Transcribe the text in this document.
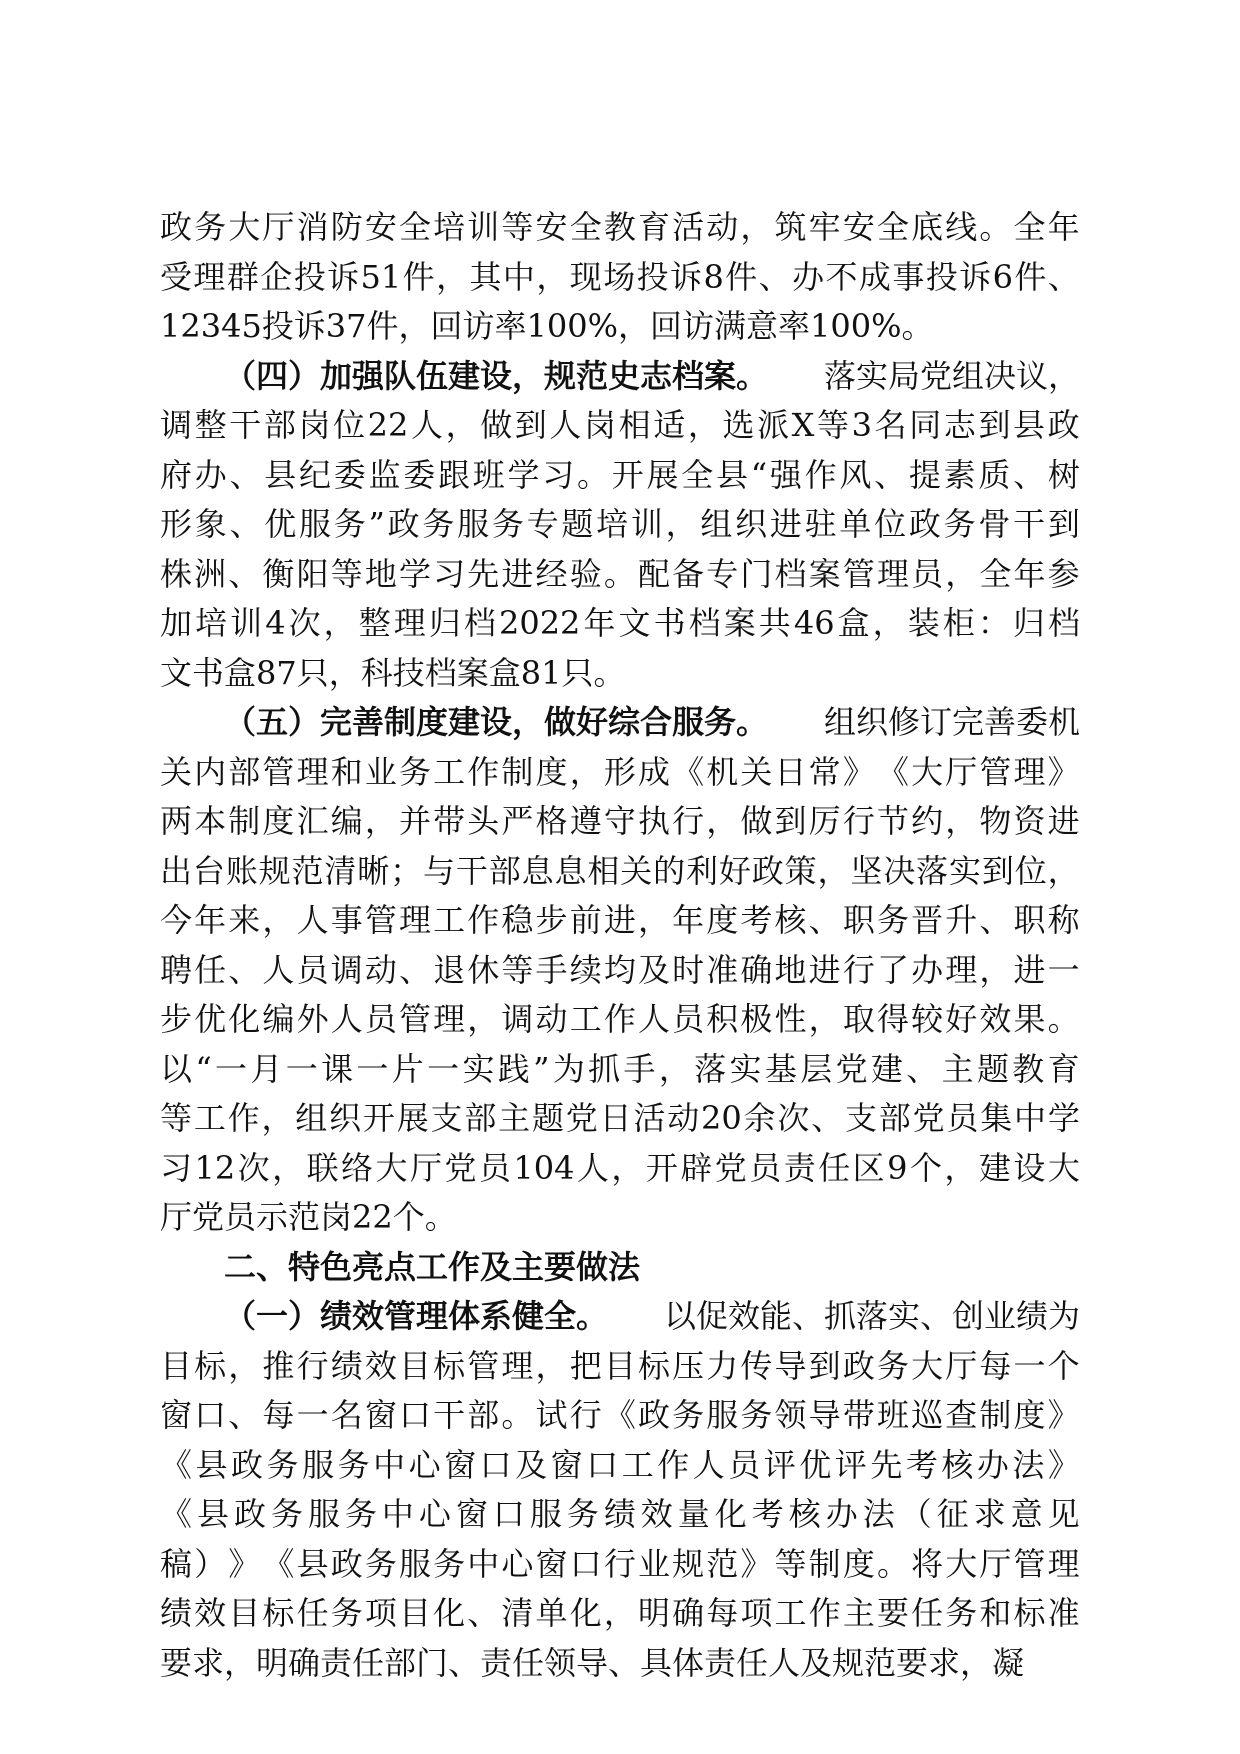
政 务 大 厅 消 防 安 全 培 训 等 安 全 教 育 活 动 ， 筑 牢 安 全 底 线 。 全 年
受 理 群 企 投 诉 51 件 ， 其 中 ， 现 场 投 诉 8 件 、 办 不 成 事 投 诉 6 件 、
12345投诉37件，回访率100%，回访满意率100%。
（四）加强队伍建设，规范史志档案。 落实局党组决议，
调 整 干 部 岗 位 22 人 ， 做 到 人 岗 相 适 ， 选 派 X 等 3 名 同 志 到 县 政
府 办 、 县 纪 委 监 委 跟 班 学 习 。 开 展 全 县 “ 强 作 风 、 提 素 质 、 树
形 象 、 优 服 务 ” 政 务 服 务 专 题 培 训 ， 组 织 进 驻 单 位 政 务 骨 干 到
株 洲 、 衡 阳 等 地 学 习 先 进 经 验 。 配 备 专 门 档 案 管 理 员 ， 全 年 参
加 培 训 4 次 ， 整 理 归 档 2022 年 文 书 档 案 共 46 盒 ， 装 柜 ： 归 档
文书盒87只，科技档案盒81只。
（五）完善制度建设，做好综合服务。 组织修订完善委机
关 内 部 管 理 和 业 务 工 作 制 度 ， 形 成 《 机 关 日 常 》 《 大 厅 管 理 》
两 本 制 度 汇 编 ， 并 带 头 严 格 遵 守 执 行 ， 做 到 厉 行 节 约 ， 物 资 进
出 台 账 规 范 清 晰 ； 与 干 部 息 息 相 关 的 利 好 政 策 ， 坚 决 落 实 到 位 ，
今 年 来 ， 人 事 管 理 工 作 稳 步 前 进 ， 年 度 考 核 、 职 务 晋 升 、 职 称
聘 任 、 人 员 调 动 、 退 休 等 手 续 均 及 时 准 确 地 进 行 了 办 理 ， 进 一
步 优 化 编 外 人 员 管 理 ， 调 动 工 作 人 员 积 极 性 ， 取 得 较 好 效 果 。
以 “ 一 月 一 课 一 片 一 实 践 ” 为 抓 手 ， 落 实 基 层 党 建 、 主 题 教 育
等 工 作 ， 组 织 开 展 支 部 主 题 党 日 活 动 20 余 次 、 支 部 党 员 集 中 学
习 12 次 ， 联 络 大 厅 党 员 104 人 ， 开 辟 党 员 责 任 区 9 个 ， 建 设 大
厅党员示范岗22个。
二、特色亮点工作及主要做法
（一）绩效管理体系健全。 以促效能、抓落实、创业绩为
目 标 ， 推 行 绩 效 目 标 管 理 ， 把 目 标 压 力 传 导 到 政 务 大 厅 每 一 个
窗 口 、 每 一 名 窗 口 干 部 。 试 行 《 政 务 服 务 领 导 带 班 巡 查 制 度 》
《 县 政 务 服 务 中 心 窗 口 及 窗 口 工 作 人 员 评 优 评 先 考 核 办 法 》
《 县 政 务 服 务 中 心 窗 口 服 务 绩 效 量 化 考 核 办 法 （ 征 求 意 见
稿 ） 》 《 县 政 务 服 务 中 心 窗 口 行 业 规 范 》 等 制 度 。 将 大 厅 管 理
绩 效 目 标 任 务 项 目 化 、 清 单 化 ， 明 确 每 项 工 作 主 要 任 务 和 标 准
要求，明确责任部门、责任领导、具体责任人及规范要求，凝
